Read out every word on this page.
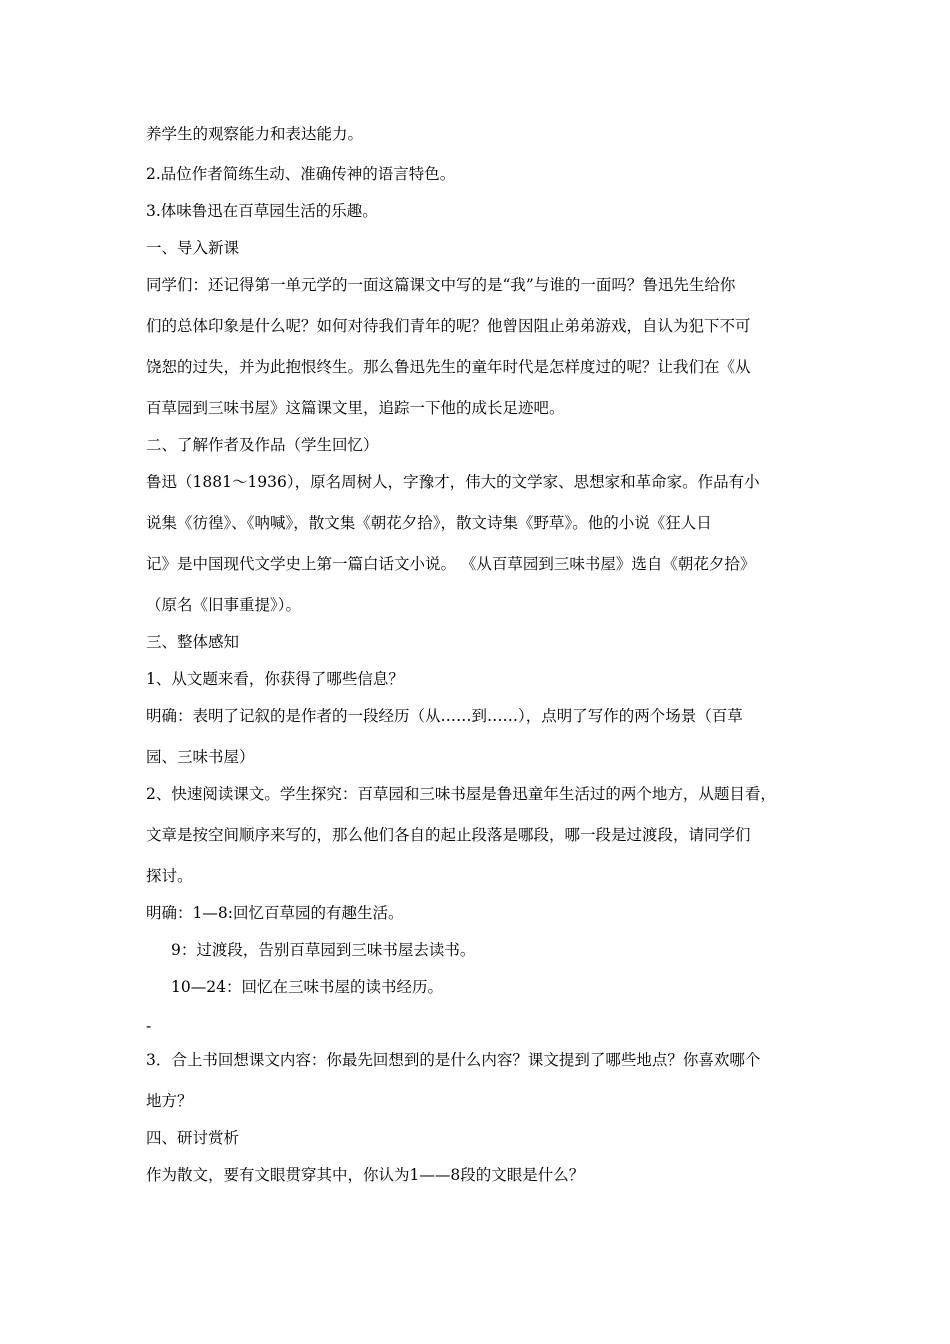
养学生的观察能力和表达能力。
2.品位作者简练生动、准确传神的语言特色。
3.体味鲁迅在百草园生活的乐趣。
一、导入新课
同学们：还记得第一单元学的一面这篇课文中写的是“我”与谁的一面吗？鲁迅先生给你
们的总体印象是什么呢？如何对待我们青年的呢？他曾因阻止弟弟游戏，自认为犯下不可
饶恕的过失，并为此抱恨终生。那么鲁迅先生的童年时代是怎样度过的呢？让我们在《从
百草园到三味书屋》这篇课文里，追踪一下他的成长足迹吧。
二、了解作者及作品（学生回忆）
鲁迅（1881～1936），原名周树人，字豫才，伟大的文学家、思想家和革命家。作品有小
说集《彷徨》、《呐喊》，散文集《朝花夕拾》，散文诗集《野草》。他的小说《狂人日
记》是中国现代文学史上第一篇白话文小说。 《从百草园到三味书屋》选自《朝花夕拾》
（原名《旧事重提》）。
三、整体感知
1、从文题来看，你获得了哪些信息？
明确：表明了记叙的是作者的一段经历（从……到……），点明了写作的两个场景（百草
园、三味书屋）
2、快速阅读课文。学生探究：百草园和三味书屋是鲁迅童年生活过的两个地方，从题目看，
文章是按空间顺序来写的，那么他们各自的起止段落是哪段，哪一段是过渡段，请同学们
探讨。
明确：1—8:回忆百草园的有趣生活。
9：过渡段，告别百草园到三味书屋去读书。
10—24：回忆在三味书屋的读书经历。
-
3．合上书回想课文内容：你最先回想到的是什么内容？课文提到了哪些地点？你喜欢哪个
地方？
四、研讨赏析
作为散文，要有文眼贯穿其中，你认为1——8段的文眼是什么？
